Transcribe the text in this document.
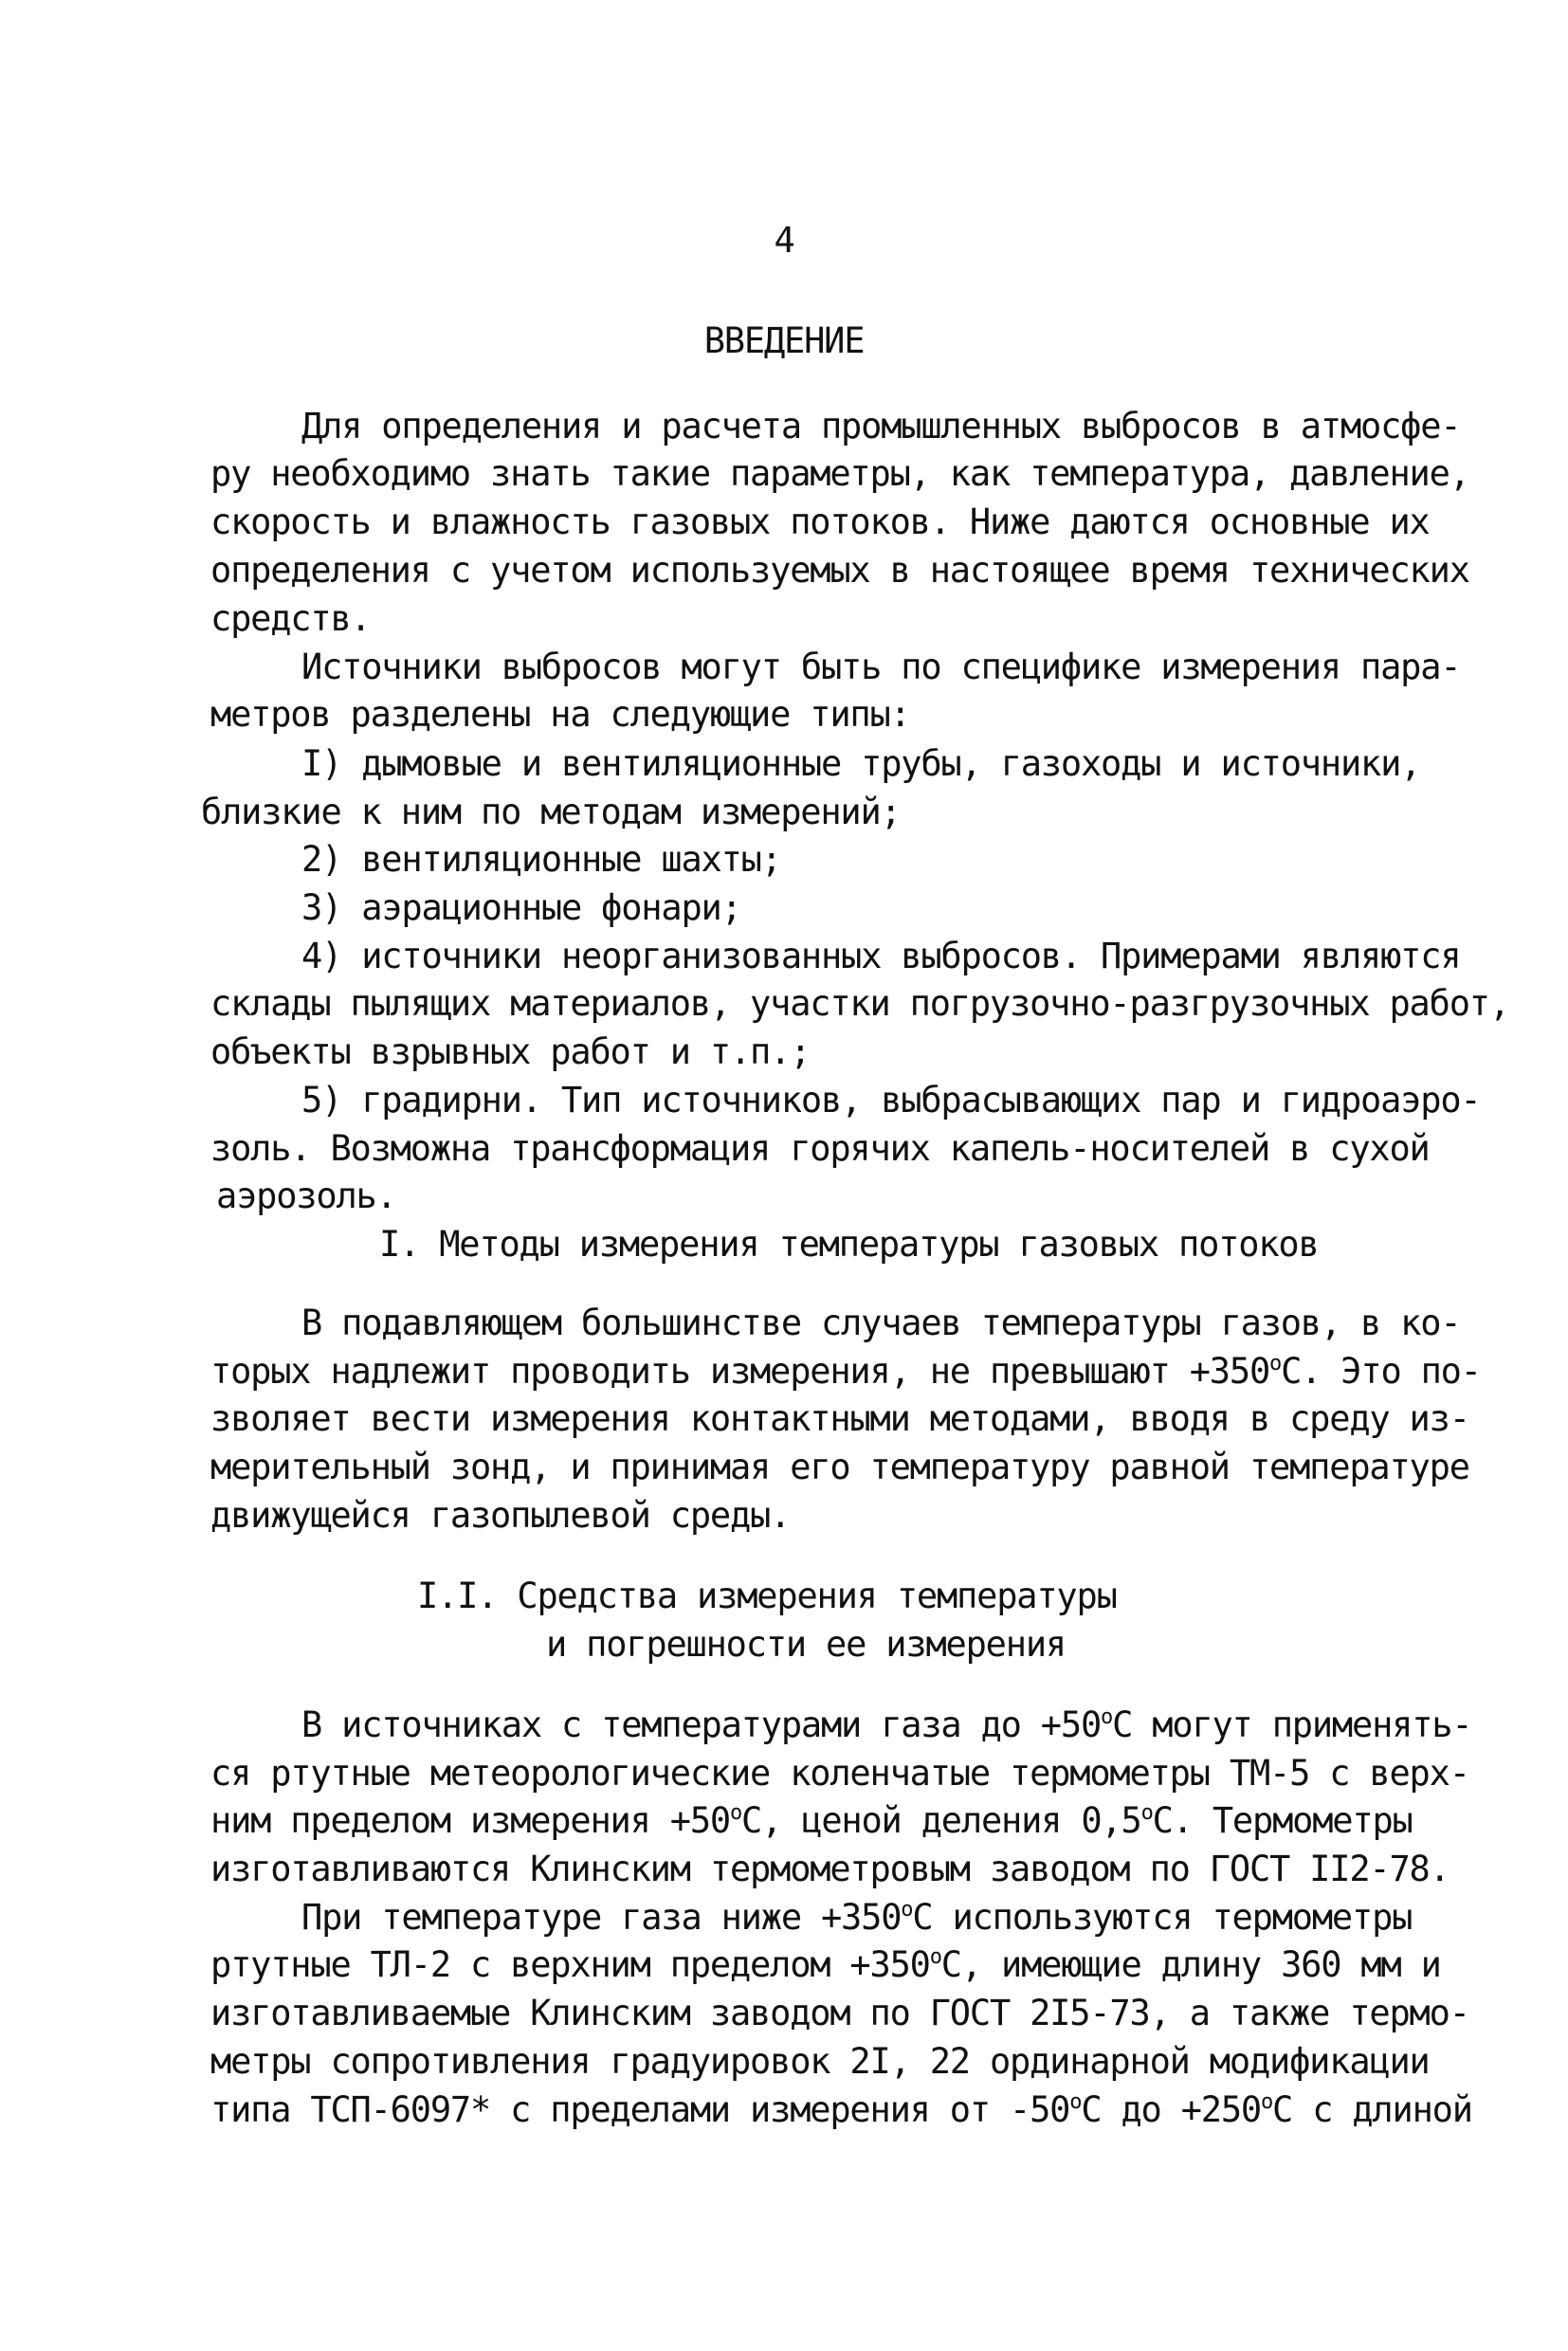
4
ВВЕДЕНИЕ
Для определения и расчета промышленных выбросов в атмосфе-
ру необходимо знать такие параметры, как температура, давление,
скорость и влажность газовых потоков. Ниже даются основные их
определения с учетом используемых в настоящее время технических
средств.
Источники выбросов могут быть по специфике измерения пара-
метров разделены на следующие типы:
I) дымовые и вентиляционные трубы, газоходы и источники,
близкие к ним по методам измерений;
2) вентиляционные шахты;
3) аэрационные фонари;
4) источники неорганизованных выбросов. Примерами являются
склады пылящих материалов, участки погрузочно-разгрузочных работ,
объекты взрывных работ и т.п.;
5) градирни. Тип источников, выбрасывающих пар и гидроаэро-
золь. Возможна трансформация горячих капель-носителей в сухой
аэрозоль.
I. Методы измерения температуры газовых потоков
В подавляющем большинстве случаев температуры газов, в ко-
торых надлежит проводить измерения, не превышают $+350^оС$. Это по-
зволяет вести измерения контактными методами, вводя в среду из-
мерительный зонд, и принимая его температуру равной температуре
движущейся газопылевой среды.
I.I. Средства измерения температуры
и погрешности ее измерения
В источниках с температурами газа до $+50^оС$ могут применять-
ся ртутные метеорологические коленчатые термометры ТМ-5 с верх-
ним пределом измерения $+50^оС$, ценой деления $0,5^оС$. Термометры
изготавливаются Клинским термометровым заводом по ГОСТ II2-78.
При температуре газа ниже $+350^оС$ используются термометры
ртутные ТЛ-2 с верхним пределом $+350^оС$, имеющие длину 360 мм и
изготавливаемые Клинским заводом по ГОСТ 2I5-73, а также термо-
метры сопротивления градуировок 2I, 22 ординарной модификации
типа ТСП-6097* с пределами измерения от $-50^оС$ до $+250^оС$ с длиной
